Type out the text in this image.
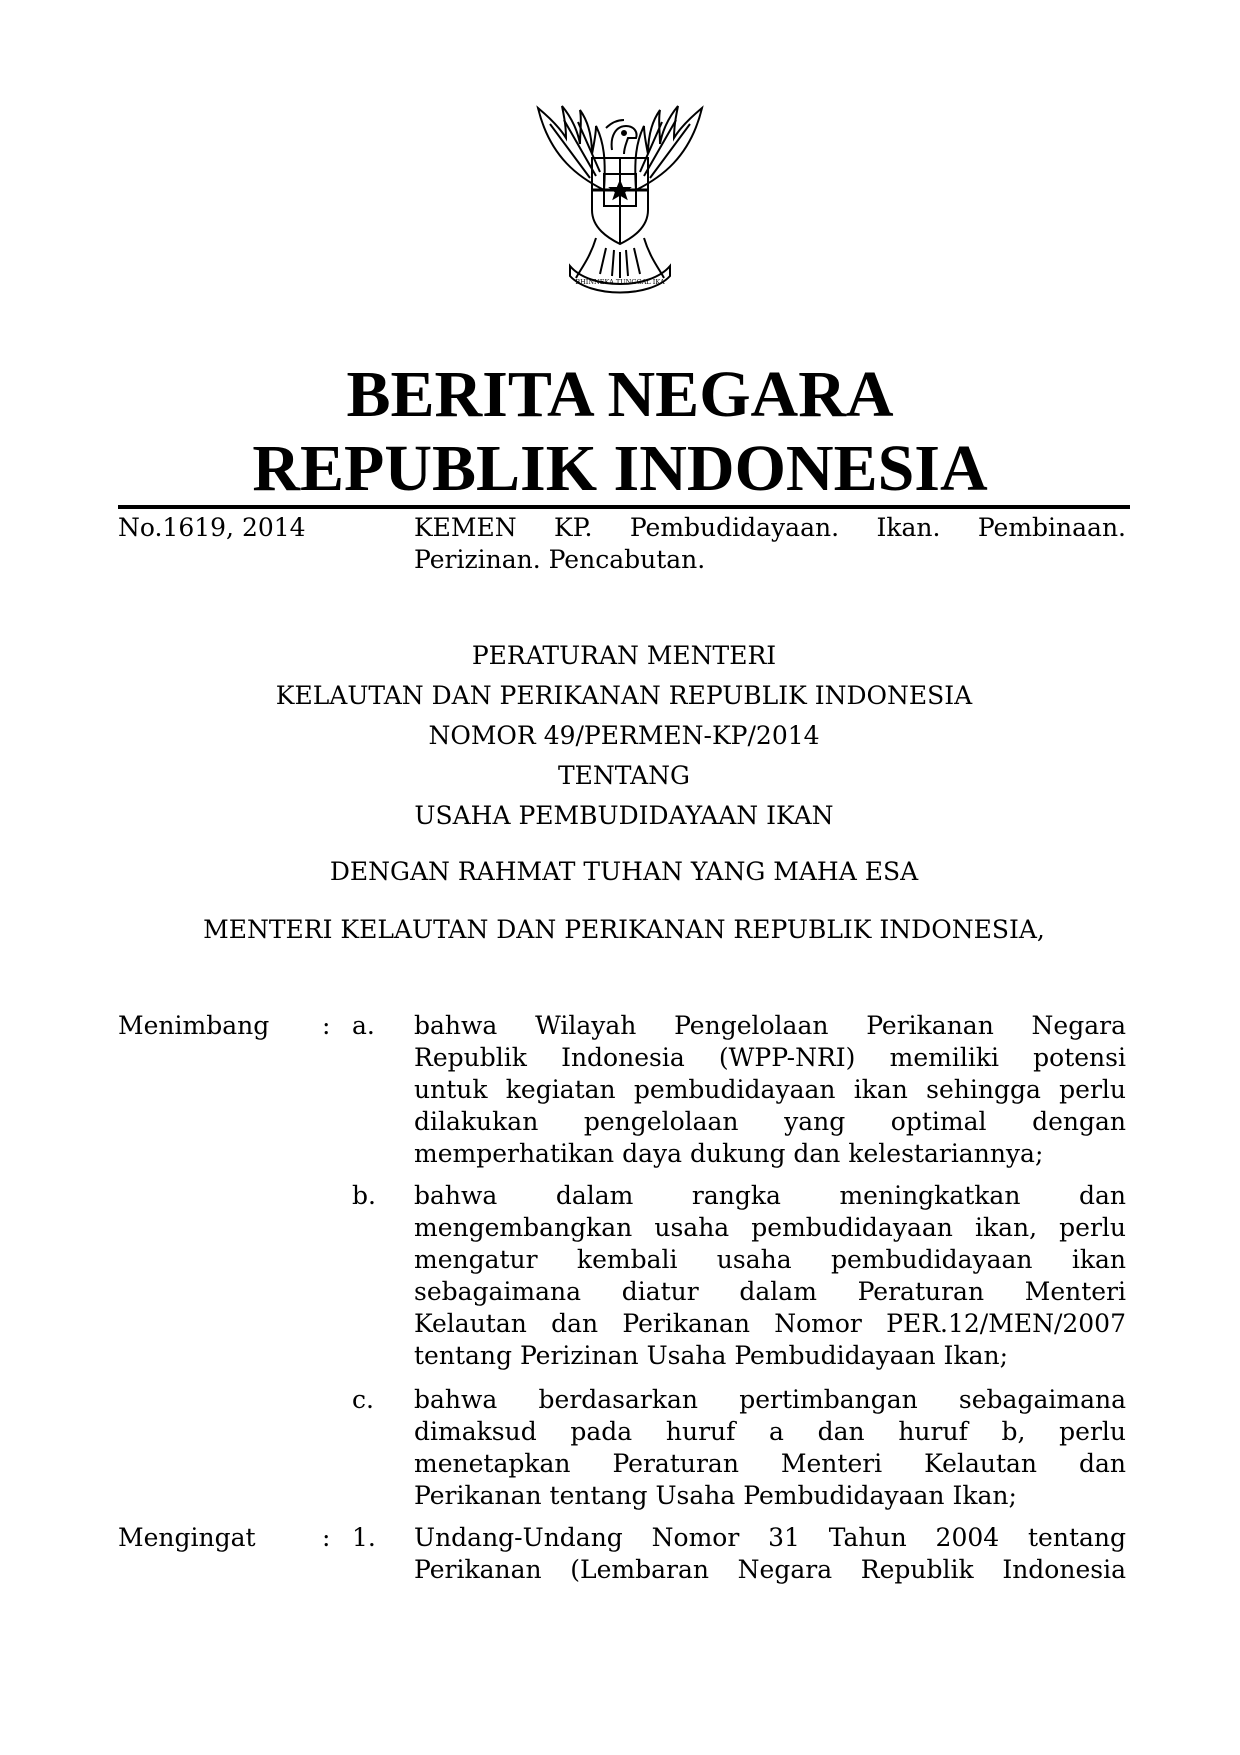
BHINNEKA TUNGGAL IKA
BERITA NEGARA
REPUBLIK INDONESIA
No.1619, 2014	KEMEN KP. Pembudidayaan. Ikan. Pembinaan.
Perizinan. Pencabutan.
PERATURAN MENTERI
KELAUTAN DAN PERIKANAN REPUBLIK INDONESIA
NOMOR 49/PERMEN-KP/2014
TENTANG
USAHA PEMBUDIDAYAAN IKAN
DENGAN RAHMAT TUHAN YANG MAHA ESA
MENTERI KELAUTAN DAN PERIKANAN REPUBLIK INDONESIA,
Menimbang : a. bahwa Wilayah Pengelolaan Perikanan Negara
Republik Indonesia (WPP-NRI) memiliki potensi
untuk kegiatan pembudidayaan ikan sehingga perlu
dilakukan pengelolaan yang optimal dengan
memperhatikan daya dukung dan kelestariannya;
b. bahwa dalam rangka meningkatkan dan
mengembangkan usaha pembudidayaan ikan, perlu
mengatur kembali usaha pembudidayaan ikan
sebagaimana diatur dalam Peraturan Menteri
Kelautan dan Perikanan Nomor PER.12/MEN/2007
tentang Perizinan Usaha Pembudidayaan Ikan;
c. bahwa berdasarkan pertimbangan sebagaimana
dimaksud pada huruf a dan huruf b, perlu
menetapkan Peraturan Menteri Kelautan dan
Perikanan tentang Usaha Pembudidayaan Ikan;
Mengingat	: 1. Undang-Undang Nomor 31 Tahun 2004 tentang
Perikanan (Lembaran Negara Republik Indonesia
